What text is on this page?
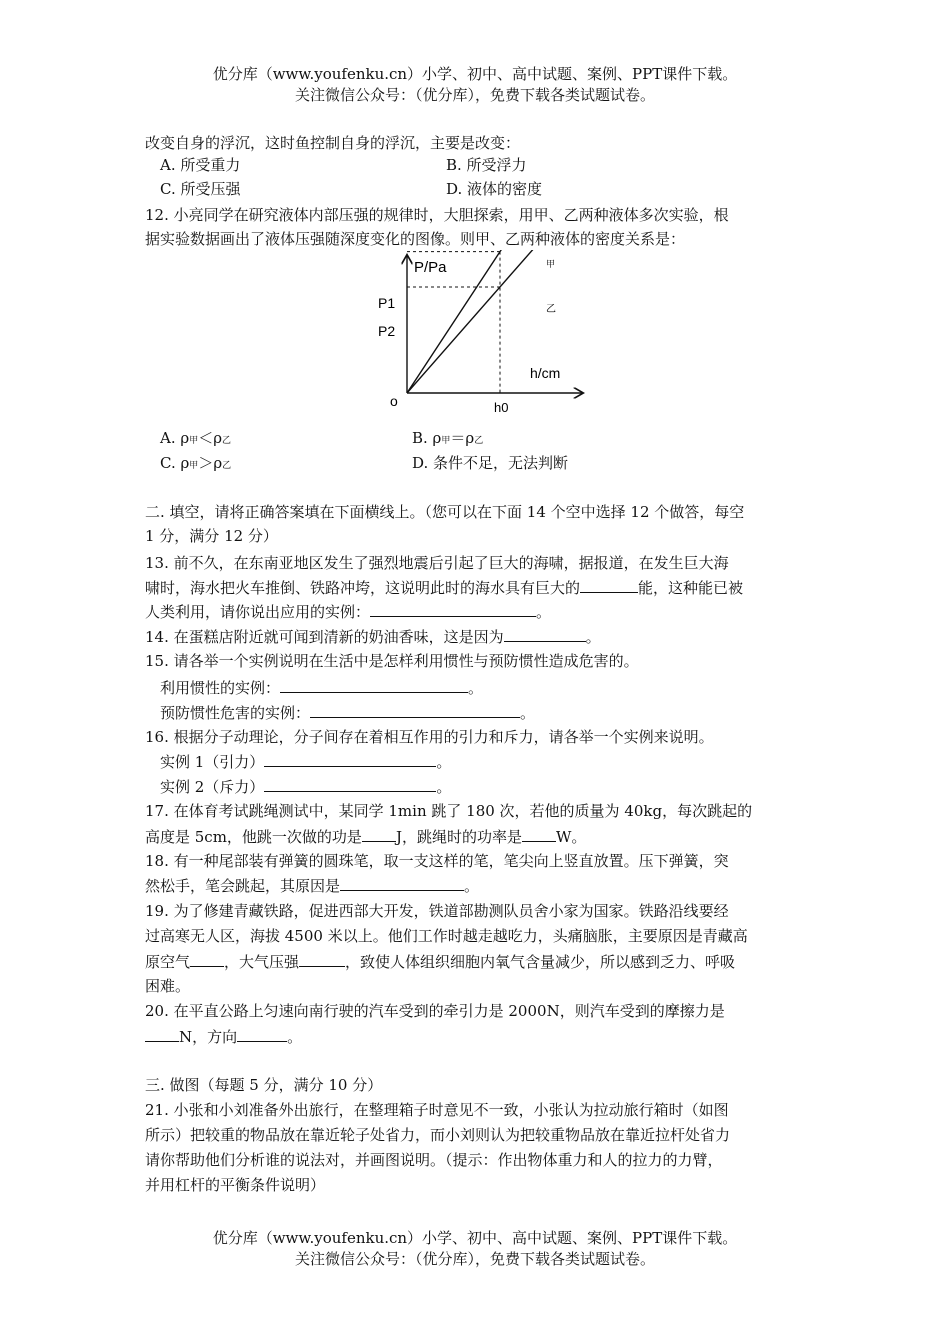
优分库（www.youfenku.cn）小学、初中、高中试题、案例、PPT课件下载。
关注微信公众号：（优分库），免费下载各类试题试卷。
改变自身的浮沉，这时鱼控制自身的浮沉，主要是改变：
A. 所受重力	B. 所受浮力
C. 所受压强	D. 液体的密度
12. 小亮同学在研究液体内部压强的规律时，大胆探索，用甲、乙两种液体多次实验，根
据实验数据画出了液体压强随深度变化的图像。则甲、乙两种液体的密度关系是：
P/Pa
h/cm
o	h0
P1
P2
甲
乙
A. ρ甲＜ρ乙	B. ρ甲＝ρ乙
C. ρ甲＞ρ乙	D. 条件不足，无法判断
二. 填空，请将正确答案填在下面横线上。（您可以在下面 14 个空中选择 12 个做答，每空
1 分，满分 12 分）
13. 前不久，在东南亚地区发生了强烈地震后引起了巨大的海啸，据报道，在发生巨大海
啸时，海水把火车推倒、铁路冲垮，这说明此时的海水具有巨大的	能，这种能已被
人类利用，请你说出应用的实例：	。
14. 在蛋糕店附近就可闻到清新的奶油香味，这是因为	。
15. 请各举一个实例说明在生活中是怎样利用惯性与预防惯性造成危害的。
利用惯性的实例：	。
预防惯性危害的实例：	。
16. 根据分子动理论，分子间存在着相互作用的引力和斥力，请各举一个实例来说明。
实例 1（引力）	。
实例 2（斥力）	。
17. 在体育考试跳绳测试中，某同学 1min 跳了 180 次，若他的质量为 40kg，每次跳起的
高度是 5cm，他跳一次做的功是 J，跳绳时的功率是 W。
18. 有一种尾部装有弹簧的圆珠笔，取一支这样的笔，笔尖向上竖直放置。压下弹簧，突
然松手，笔会跳起，其原因是	。
19. 为了修建青藏铁路，促进西部大开发，铁道部勘测队员舍小家为国家。铁路沿线要经
过高寒无人区，海拔 4500 米以上。他们工作时越走越吃力，头痛脑胀，主要原因是青藏高
原空气 ，大气压强	，致使人体组织细胞内氧气含量减少，所以感到乏力、呼吸
困难。
20. 在平直公路上匀速向南行驶的汽车受到的牵引力是 2000N，则汽车受到的摩擦力是
N，方向	。
三. 做图（每题 5 分，满分 10 分）
21. 小张和小刘准备外出旅行，在整理箱子时意见不一致，小张认为拉动旅行箱时（如图
所示）把较重的物品放在靠近轮子处省力，而小刘则认为把较重物品放在靠近拉杆处省力
请你帮助他们分析谁的说法对，并画图说明。（提示：作出物体重力和人的拉力的力臂，
并用杠杆的平衡条件说明）
优分库（www.youfenku.cn）小学、初中、高中试题、案例、PPT课件下载。
关注微信公众号：（优分库），免费下载各类试题试卷。
